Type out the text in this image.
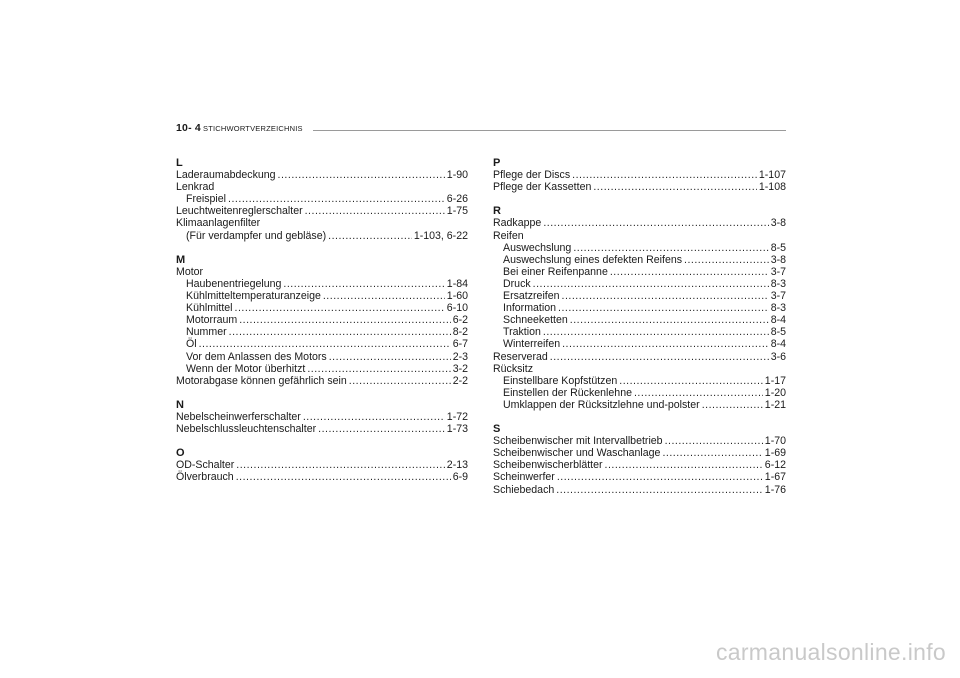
10- 4 STICHWORTVERZEICHNIS
L
Laderaumabdeckung .....	1-90
Lenkrad
Freispiel .....	6-26
Leuchtweitenreglerschalter .....	1-75
Klimaanlagenfilter
(Für verdampfer und gebläse) .....	1-103, 6-22
M
Motor
Haubenentriegelung .....	1-84
Kühlmitteltemperaturanzeige .....	1-60
Kühlmittel .....	6-10
Motorraum .....	6-2
Nummer .....	8-2
Öl .....	6-7
Vor dem Anlassen des Motors .....	2-3
Wenn der Motor überhitzt .....	3-2
Motorabgase können gefährlich sein .....	2-2
N
Nebelscheinwerferschalter .....	1-72
Nebelschlussleuchtenschalter .....	1-73
O
OD-Schalter .....	2-13
Ölverbrauch .....	6-9
P
Pflege der Discs .....	1-107
Pflege der Kassetten .....	1-108
R
Radkappe .....	3-8
Reifen
Auswechslung .....	8-5
Auswechslung eines defekten Reifens .....	3-8
Bei einer Reifenpanne .....	3-7
Druck .....	8-3
Ersatzreifen .....	3-7
Information .....	8-3
Schneeketten .....	8-4
Traktion .....	8-5
Winterreifen .....	8-4
Reserverad .....	3-6
Rücksitz
Einstellbare Kopfstützen .....	1-17
Einstellen der Rückenlehne .....	1-20
Umklappen der Rücksitzlehne und-polster .....	1-21
S
Scheibenwischer mit Intervallbetrieb .....	1-70
Scheibenwischer und Waschanlage .....	1-69
Scheibenwischerblätter .....	6-12
Scheinwerfer .....	1-67
Schiebedach .....	1-76
carmanualsonline.info
